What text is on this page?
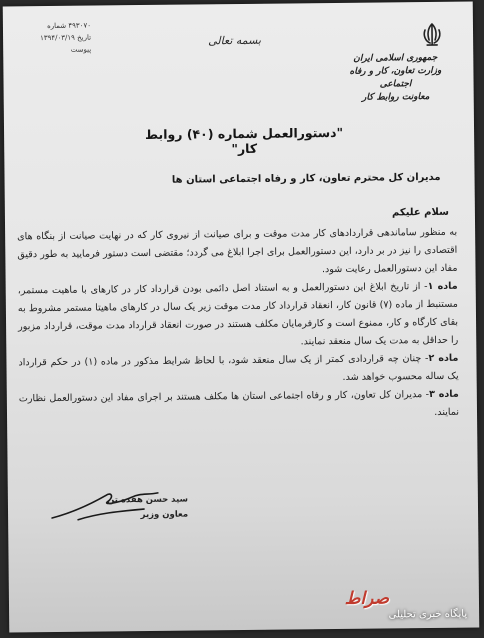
۴۹۳۰۷۰ شماره
تاریخ ۱۳۹۴/۰۳/۱۹
پیوست
بسمه تعالی
جمهوری اسلامی ایران
وزارت تعاون، کار و رفاه اجتماعی
معاونت روابط کار
"دستورالعمل شماره (۴۰) روابط کار"
مدیران کل محترم تعاون، کار و رفاه اجتماعی استان ها
سلام علیکم

به منظور ساماندهی قراردادهای کار مدت موقت و برای صیانت از نیروی کار که در نهایت صیانت از بنگاه های اقتصادی را نیز در بر دارد، این دستورالعمل برای اجرا ابلاغ می گردد؛ مقتضی است دستور فرمایید به طور دقیق مفاد این دستورالعمل رعایت شود.

ماده ۱- از تاریخ ابلاغ این دستورالعمل و به استناد اصل دائمی بودن قرارداد کار در کارهای با ماهیت مستمر، مستنبط از ماده (۷) قانون کار، انعقاد قرارداد کار مدت موقت زیر یک سال در کارهای ماهیتا مستمر مشروط به بقای کارگاه و کار، ممنوع است و کارفرمایان مکلف هستند در صورت انعقاد قرارداد مدت موقت، قرارداد مزبور را حداقل به مدت یک سال منعقد نمایند.

ماده ۲- چنان چه قراردادی کمتر از یک سال منعقد شود، با لحاظ شرایط مذکور در ماده (۱) در حکم قرارداد یک ساله محسوب خواهد شد.

ماده ۳- مدیران کل تعاون، کار و رفاه اجتماعی استان ها مکلف هستند بر اجرای مفاد این دستورالعمل نظارت نمایند.

سید حسن هفده تن
معاون وزیر
صراط
پایگاه خبری تحلیلی
